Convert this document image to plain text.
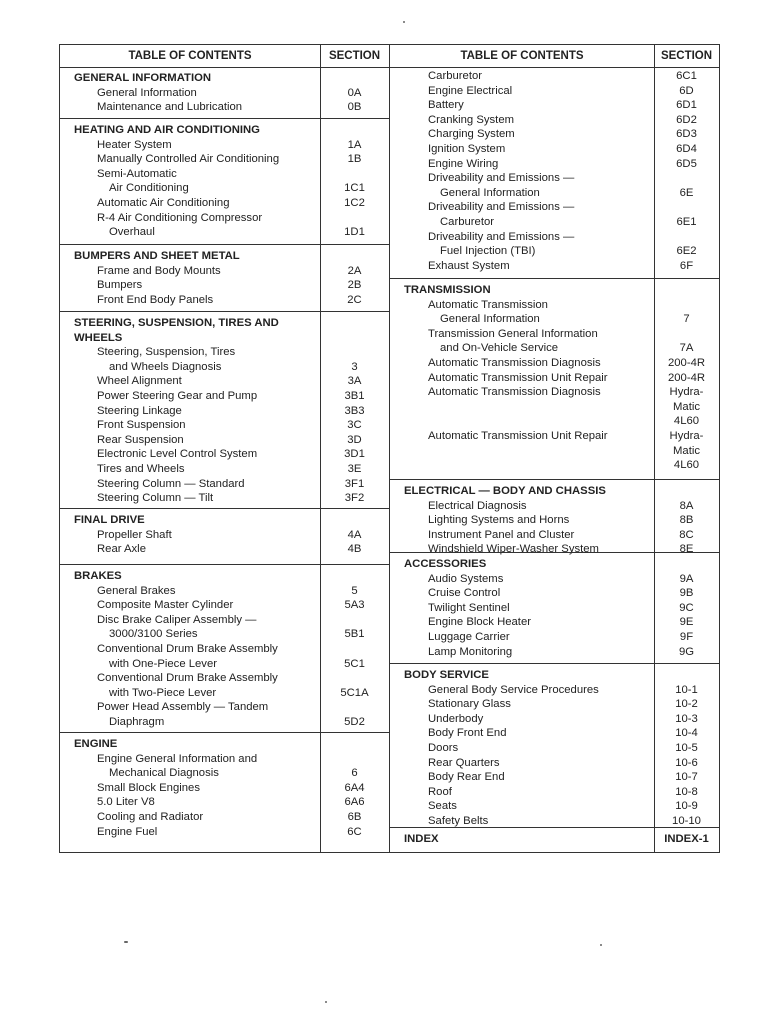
TABLE OF CONTENTS	SECTION
GENERAL INFORMATION
General Information	0A
Maintenance and Lubrication	0B
HEATING AND AIR CONDITIONING
Heater System	1A
Manually Controlled Air Conditioning	1B
Semi-Automatic
Air Conditioning	1C1
Automatic Air Conditioning	1C2
R-4 Air Conditioning Compressor
Overhaul	1D1
BUMPERS AND SHEET METAL
Frame and Body Mounts	2A
Bumpers	2B
Front End Body Panels	2C
STEERING, SUSPENSION, TIRES AND
WHEELS
Steering, Suspension, Tires
and Wheels Diagnosis	3
Wheel Alignment	3A
Power Steering Gear and Pump	3B1
Steering Linkage	3B3
Front Suspension	3C
Rear Suspension	3D
Electronic Level Control System	3D1
Tires and Wheels	3E
Steering Column — Standard	3F1
Steering Column — Tilt	3F2
FINAL DRIVE
Propeller Shaft	4A
Rear Axle	4B
BRAKES
General Brakes	5
Composite Master Cylinder	5A3
Disc Brake Caliper Assembly —
3000/3100 Series	5B1
Conventional Drum Brake Assembly
with One-Piece Lever	5C1
Conventional Drum Brake Assembly
with Two-Piece Lever	5C1A
Power Head Assembly — Tandem
Diaphragm	5D2
ENGINE
Engine General Information and
Mechanical Diagnosis	6
Small Block Engines	6A4
5.0 Liter V8	6A6
Cooling and Radiator	6B
Engine Fuel	6C
TABLE OF CONTENTS	SECTION
Carburetor	6C1
Engine Electrical	6D
Battery	6D1
Cranking System	6D2
Charging System	6D3
Ignition System	6D4
Engine Wiring	6D5
Driveability and Emissions —
General Information	6E
Driveability and Emissions —
Carburetor	6E1
Driveability and Emissions —
Fuel Injection (TBI)	6E2
Exhaust System	6F
TRANSMISSION
Automatic Transmission
General Information	7
Transmission General Information
and On-Vehicle Service	7A
Automatic Transmission Diagnosis	200-4R
Automatic Transmission Unit Repair	200-4R
Automatic Transmission Diagnosis	Hydra-
Matic
4L60
Automatic Transmission Unit Repair	Hydra-
Matic
4L60
ELECTRICAL — BODY AND CHASSIS
Electrical Diagnosis	8A
Lighting Systems and Horns	8B
Instrument Panel and Cluster	8C
Windshield Wiper-Washer System	8E
ACCESSORIES
Audio Systems	9A
Cruise Control	9B
Twilight Sentinel	9C
Engine Block Heater	9E
Luggage Carrier	9F
Lamp Monitoring	9G
BODY SERVICE
General Body Service Procedures	10-1
Stationary Glass	10-2
Underbody	10-3
Body Front End	10-4
Doors	10-5
Rear Quarters	10-6
Body Rear End	10-7
Roof	10-8
Seats	10-9
Safety Belts	10-10
INDEX	INDEX-1
